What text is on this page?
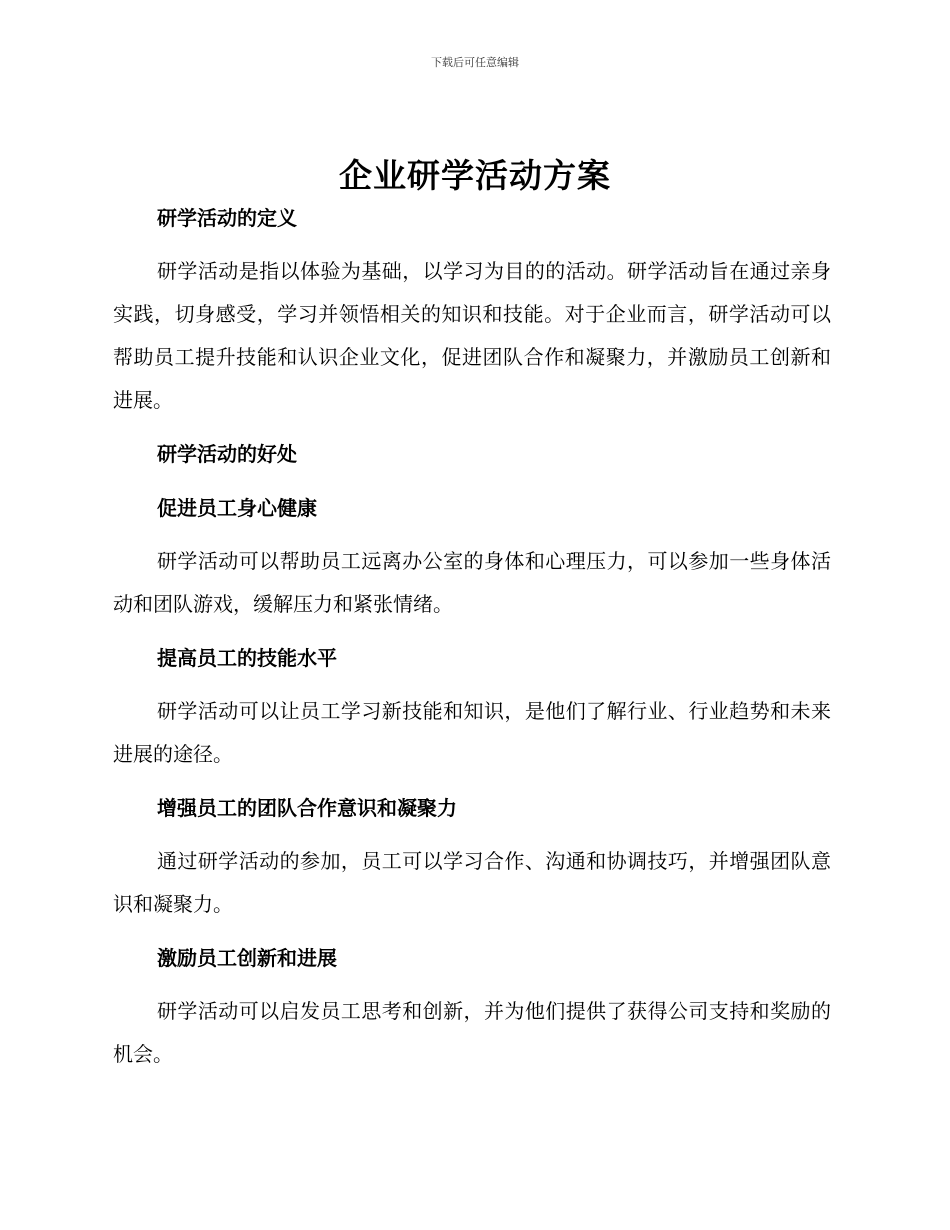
下载后可任意编辑
企业研学活动方案
研学活动的定义

研学活动是指以体验为基础，以学习为目的的活动。研学活动旨在通过亲身实践，切身感受，学习并领悟相关的知识和技能。对于企业而言，研学活动可以帮助员工提升技能和认识企业文化，促进团队合作和凝聚力，并激励员工创新和进展。

研学活动的好处
促进员工身心健康

研学活动可以帮助员工远离办公室的身体和心理压力，可以参加一些身体活动和团队游戏，缓解压力和紧张情绪。

提高员工的技能水平

研学活动可以让员工学习新技能和知识，是他们了解行业、行业趋势和未来进展的途径。

增强员工的团队合作意识和凝聚力

通过研学活动的参加，员工可以学习合作、沟通和协调技巧，并增强团队意识和凝聚力。

激励员工创新和进展

研学活动可以启发员工思考和创新，并为他们提供了获得公司支持和奖励的机会。
